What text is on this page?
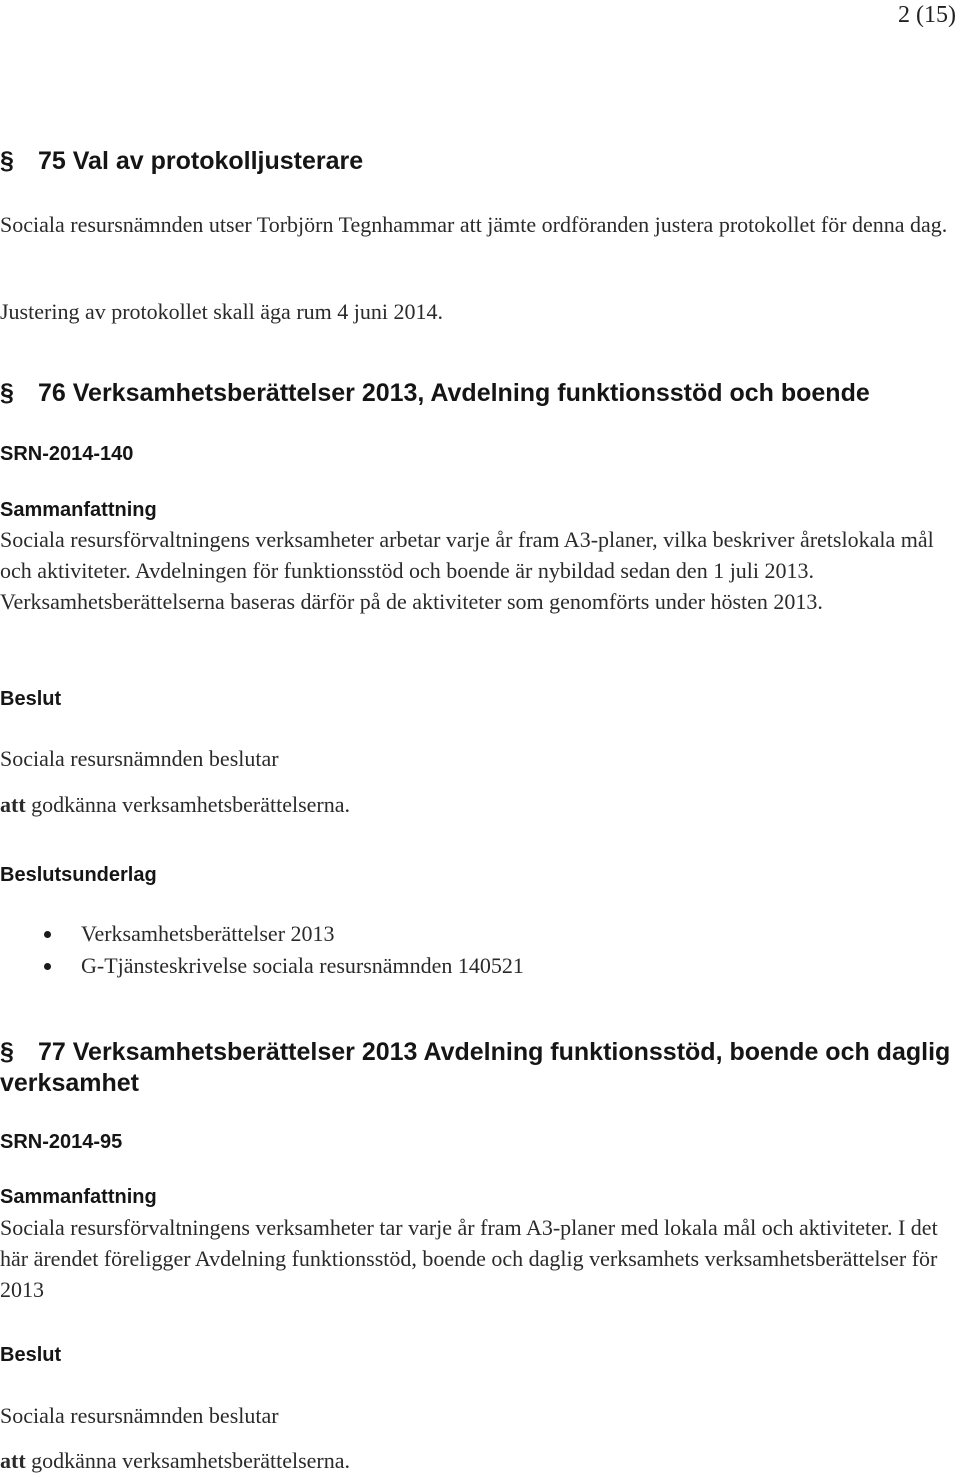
2 (15)
§ 75 Val av protokolljusterare
Sociala resursnämnden utser Torbjörn Tegnhammar att jämte ordföranden justera protokollet för denna dag.
Justering av protokollet skall äga rum 4 juni 2014.
§ 76 Verksamhetsberättelser 2013, Avdelning funktionsstöd och boende
SRN-2014-140
Sammanfattning
Sociala resursförvaltningens verksamheter arbetar varje år fram A3-planer, vilka beskriver åretslokala mål och aktiviteter. Avdelningen för funktionsstöd och boende är nybildad sedan den 1 juli 2013. Verksamhetsberättelserna baseras därför på de aktiviteter som genomförts under hösten 2013.
Beslut
Sociala resursnämnden beslutar
att godkänna verksamhetsberättelserna.
Beslutsunderlag
Verksamhetsberättelser 2013
G-Tjänsteskrivelse sociala resursnämnden 140521
§ 77 Verksamhetsberättelser 2013 Avdelning funktionsstöd, boende och daglig verksamhet
SRN-2014-95
Sammanfattning
Sociala resursförvaltningens verksamheter tar varje år fram A3-planer med lokala mål och aktiviteter. I det här ärendet föreligger Avdelning funktionsstöd, boende och daglig verksamhets verksamhetsberättelser för 2013
Beslut
Sociala resursnämnden beslutar
att godkänna verksamhetsberättelserna.
